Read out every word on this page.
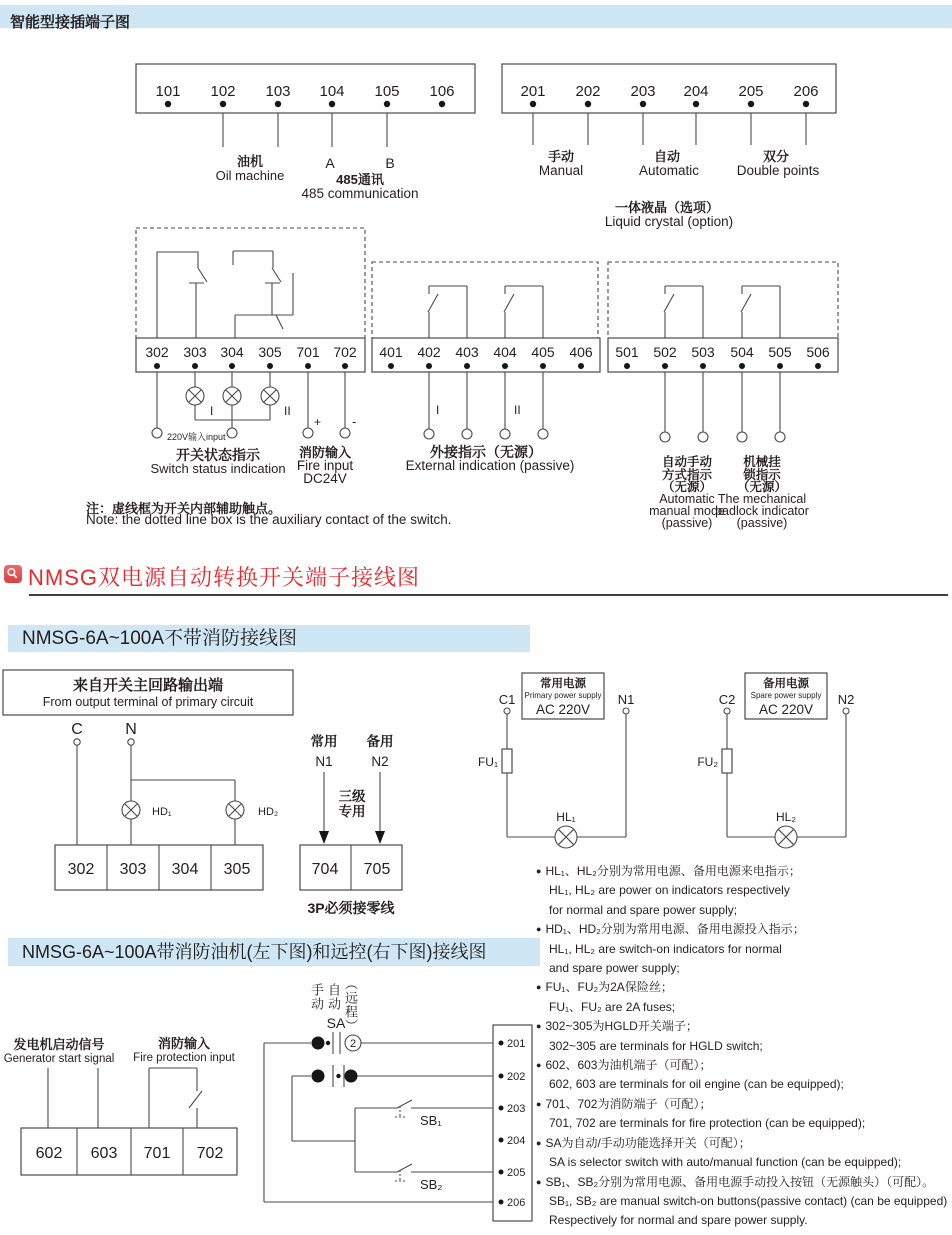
智能型接插端子图
101 102 103 104 105 106
油机
Oil machine
A	B
485通讯
485 communication
201 202 203 204 205 206
手动
Manual
自动
Automatic
双分
Double points
一体液晶（选项）
Liquid crystal (option)
302 303 304 305 701 702
I	II
+ -
220V输入input
开关状态指示
Switch status indication
消防输入
Fire input
DC24V
401 402 403 404 405 406
I	II
外接指示（无源）
External indication (passive)
501 502 503 504 505 506
自动手动
方式指示
（无源）
Automatic
manual mode
(passive)
机械挂
锁指示
（无源）
The mechanical
padlock indicator
(passive)
注：虚线框为开关内部辅助触点。
Note: the dotted line box is the auxiliary contact of the switch.
NMSG双电源自动转换开关端子接线图
NMSG-6A~100A不带消防接线图
来自开关主回路输出端
From output terminal of primary circuit
C	N
HD₁	HD₂
302 303 304 305
常用
N1
备用
N2
三级
专用
704 705
3P必须接零线
C1	N1
常用电源
Primary power supply
AC 220V
FU₁
HL₁
C2	N2
备用电源
Spare power supply
AC 220V
FU₂
HL₂
● HL₁、HL₂分别为常用电源、备用电源来电指示；
HL₁, HL₂ are power on indicators respectively
for normal and spare power supply;
● HD₁、HD₂分别为常用电源、备用电源投入指示；
HL₁, HL₂ are switch-on indicators for normal
and spare power supply;
● FU₁、FU₂为2A保险丝；
FU₁、FU₂ are 2A fuses;
● 302~305为HGLD开关端子；
302~305 are terminals for HGLD switch;
● 602、603为油机端子（可配）；
602, 603 are terminals for oil engine (can be equipped);
● 701、702为消防端子（可配）；
701, 702 are terminals for fire protection (can be equipped);
● SA为自动/手动功能选择开关（可配）；
SA is selector switch with auto/manual function (can be equipped);
● SB₁、SB₂分别为常用电源、备用电源手动投入按钮（无源触头）（可配）。
SB₁, SB₂ are manual switch-on buttons(passive contact) (can be equipped)
Respectively for normal and spare power supply.
NMSG-6A~100A带消防油机(左下图)和远控(右下图)接线图
手动 自动 （远程）
发电机启动信号
Generator start signal
消防输入
Fire protection input
602 603 701 702
SA
2
SB₁
SB₂
201
202
203
204
205
206
